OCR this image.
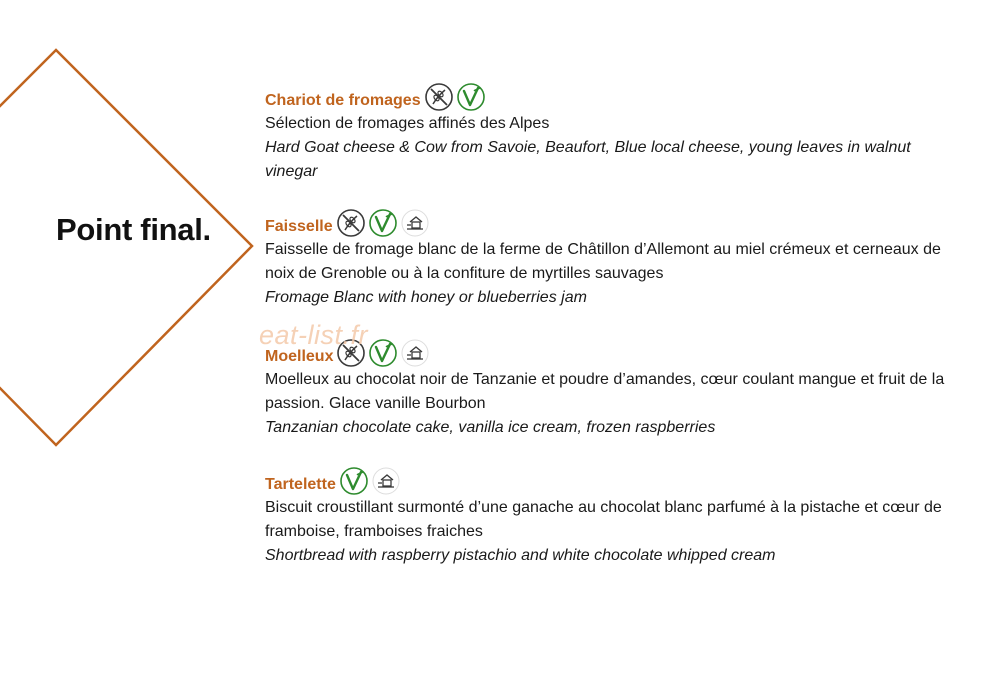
Point final.
eat-list.fr
Chariot de fromages
Sélection de fromages affinés des Alpes
Hard Goat cheese & Cow from Savoie, Beaufort, Blue local cheese, young leaves in walnut vinegar
Faisselle
Faisselle de fromage blanc de la ferme de Châtillon d’Allemont au miel crémeux et cerneaux de noix de Grenoble ou à la confiture de myrtilles sauvages
Fromage Blanc with honey or blueberries jam
Moelleux
Moelleux au chocolat noir de Tanzanie et poudre d’amandes, cœur coulant mangue et fruit de la passion. Glace vanille Bourbon
Tanzanian chocolate cake, vanilla ice cream, frozen raspberries
Tartelette
Biscuit croustillant surmonté d’une ganache au chocolat blanc parfumé à la pistache et cœur de framboise, framboises fraiches
Shortbread with raspberry pistachio and white chocolate whipped cream
